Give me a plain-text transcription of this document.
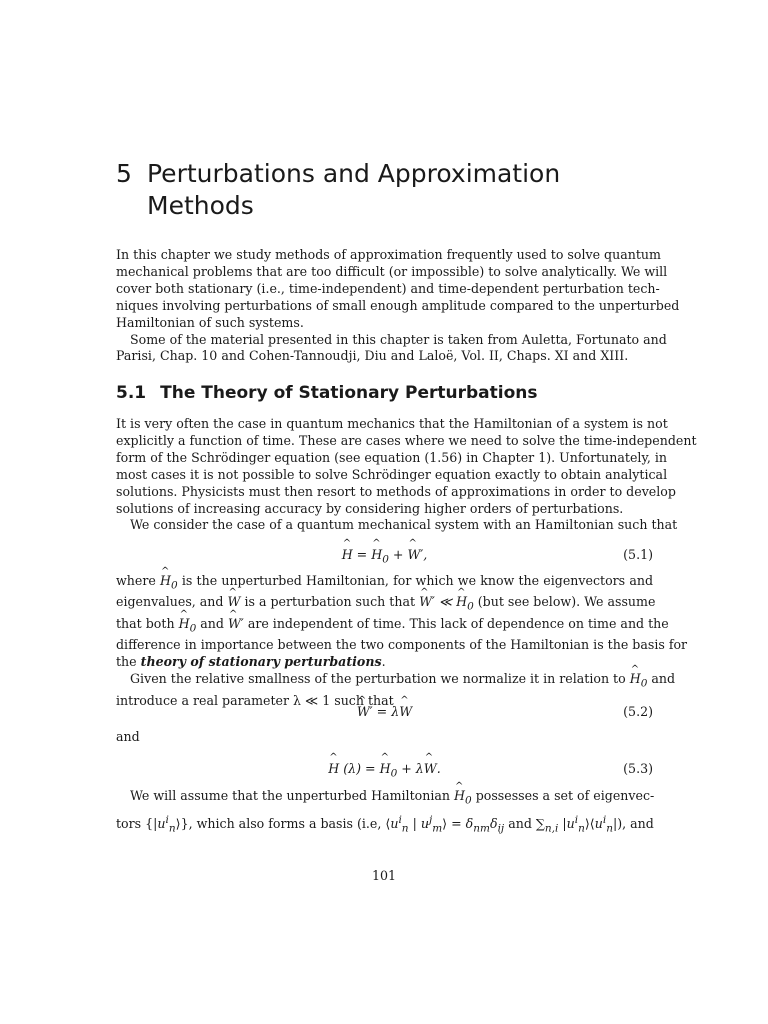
5 Perturbations and Approximation
Methods
In this chapter we study methods of approximation frequently used to solve quantum
mechanical problems that are too difficult (or impossible) to solve analytically. We will
cover both stationary (i.e., time-independent) and time-dependent perturbation tech-
niques involving perturbations of small enough amplitude compared to the unperturbed
Hamiltonian of such systems.
Some of the material presented in this chapter is taken from Auletta, Fortunato and
Parisi, Chap. 10 and Cohen-Tannoudji, Diu and Laloë, Vol. II, Chaps. XI and XIII.
5.1 The Theory of Stationary Perturbations
It is very often the case in quantum mechanics that the Hamiltonian of a system is not
explicitly a function of time. These are cases where we need to solve the time-independent
form of the Schrödinger equation (see equation (1.56) in Chapter 1). Unfortunately, in
most cases it is not possible to solve Schrödinger equation exactly to obtain analytical
solutions. Physicists must then resort to methods of approximations in order to develop
solutions of increasing accuracy by considering higher orders of perturbations.
We consider the case of a quantum mechanical system with an Hamiltonian such that
H ^ = H $\^{}_0 + W$ ^′,	(5.1)
where H $\^{}_0$ is the unperturbed Hamiltonian, for which we know the eigenvectors and
eigenvalues, and W ^ is a perturbation such that W ^′ ≪ H $\^{}_0$ (but see below). We assume
that both H $\^{}_0$ and W ^′ are independent of time. This lack of dependence on time and the
difference in importance between the two components of the Hamiltonian is the basis for
the theory of stationary perturbations.
Given the relative smallness of the perturbation we normalize it in relation to H $\^{}_0$ and
introduce a real parameter λ ≪ 1 such that
W ^′ = λW ^	(5.2)
and
H ^ (λ) = H $\^{}_0 + \lambda W$ ^.	(5.3)
We will assume that the unperturbed Hamiltonian H $\^{}_0$ possesses a set of eigenvec-
tors $\{|u^i_n⟩\}$, which also forms a basis (i.e, $⟨u^i_n$ | $u^j_m⟩ = \delta_{nm}\delta_{ij}$ and $\sum_{n,i}$ $|u^i_n⟩⟨u^i_n|$), and
101
